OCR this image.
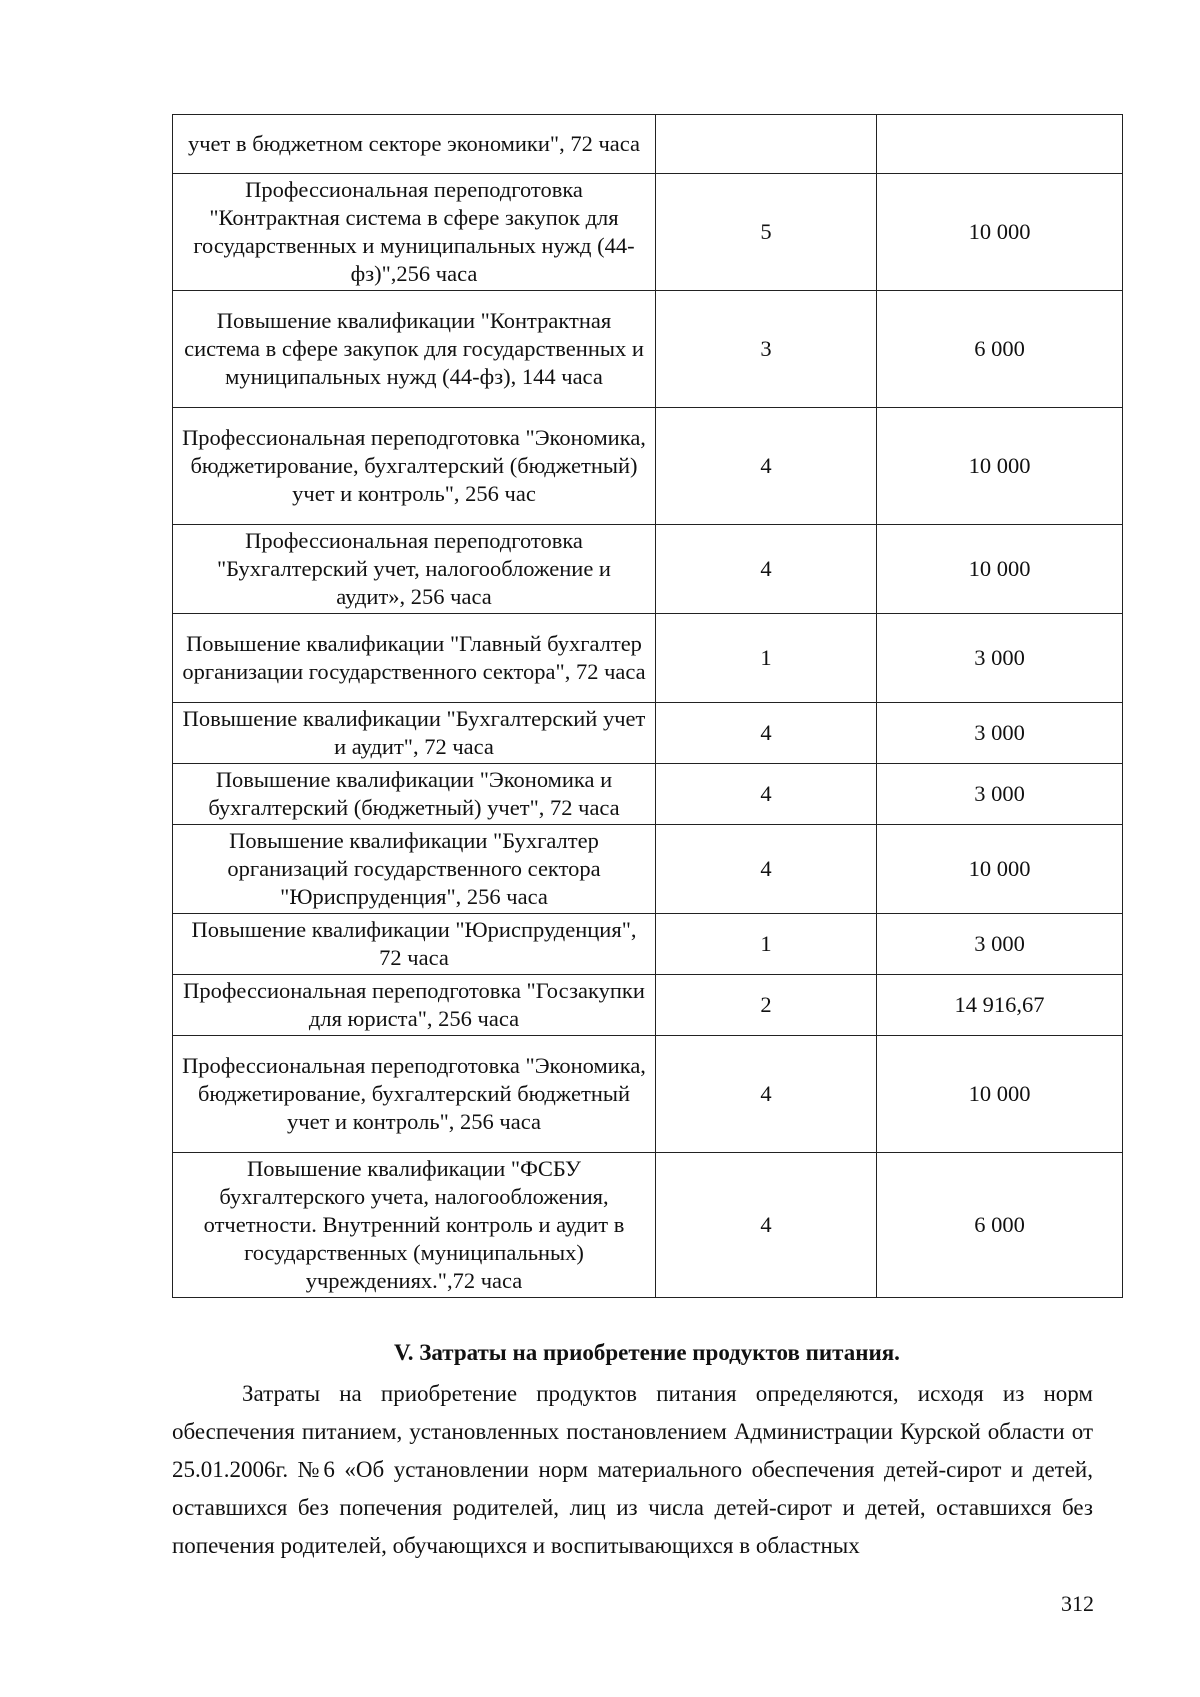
учет в бюджетном секторе экономики", 72 часа		
Профессиональная переподготовка "Контрактная система в сфере закупок для государственных и муниципальных нужд (44-фз)",256 часа	5	10 000
Повышение квалификации "Контрактная система в сфере закупок для государственных и муниципальных нужд (44-фз), 144 часа	3	6 000
Профессиональная переподготовка "Экономика, бюджетирование, бухгалтерский (бюджетный) учет и контроль", 256 час	4	10 000
Профессиональная переподготовка "Бухгалтерский учет, налогообложение и аудит», 256 часа	4	10 000
Повышение квалификации "Главный бухгалтер организации государственного сектора", 72 часа	1	3 000
Повышение квалификации "Бухгалтерский учет и аудит", 72 часа	4	3 000
Повышение квалификации "Экономика и бухгалтерский (бюджетный) учет", 72 часа	4	3 000
Повышение квалификации "Бухгалтер организаций государственного сектора "Юриспруденция", 256 часа	4	10 000
Повышение квалификации "Юриспруденция", 72 часа	1	3 000
Профессиональная переподготовка "Госзакупки для юриста", 256 часа	2	14 916,67
Профессиональная переподготовка "Экономика, бюджетирование, бухгалтерский бюджетный учет и контроль", 256 часа	4	10 000
Повышение квалификации "ФСБУ бухгалтерского учета, налогообложения, отчетности. Внутренний контроль и аудит в государственных (муниципальных) учреждениях.",72 часа	4	6 000
V. Затраты на приобретение продуктов питания.

Затраты на приобретение продуктов питания определяются, исходя из норм обеспечения питанием, установленных постановлением Администрации Курской области от 25.01.2006г. №6 «Об установлении норм материального обеспечения детей-сирот и детей, оставшихся без попечения родителей, лиц из числа детей-сирот и детей, оставшихся без попечения родителей, обучающихся и воспитывающихся в областных

312
